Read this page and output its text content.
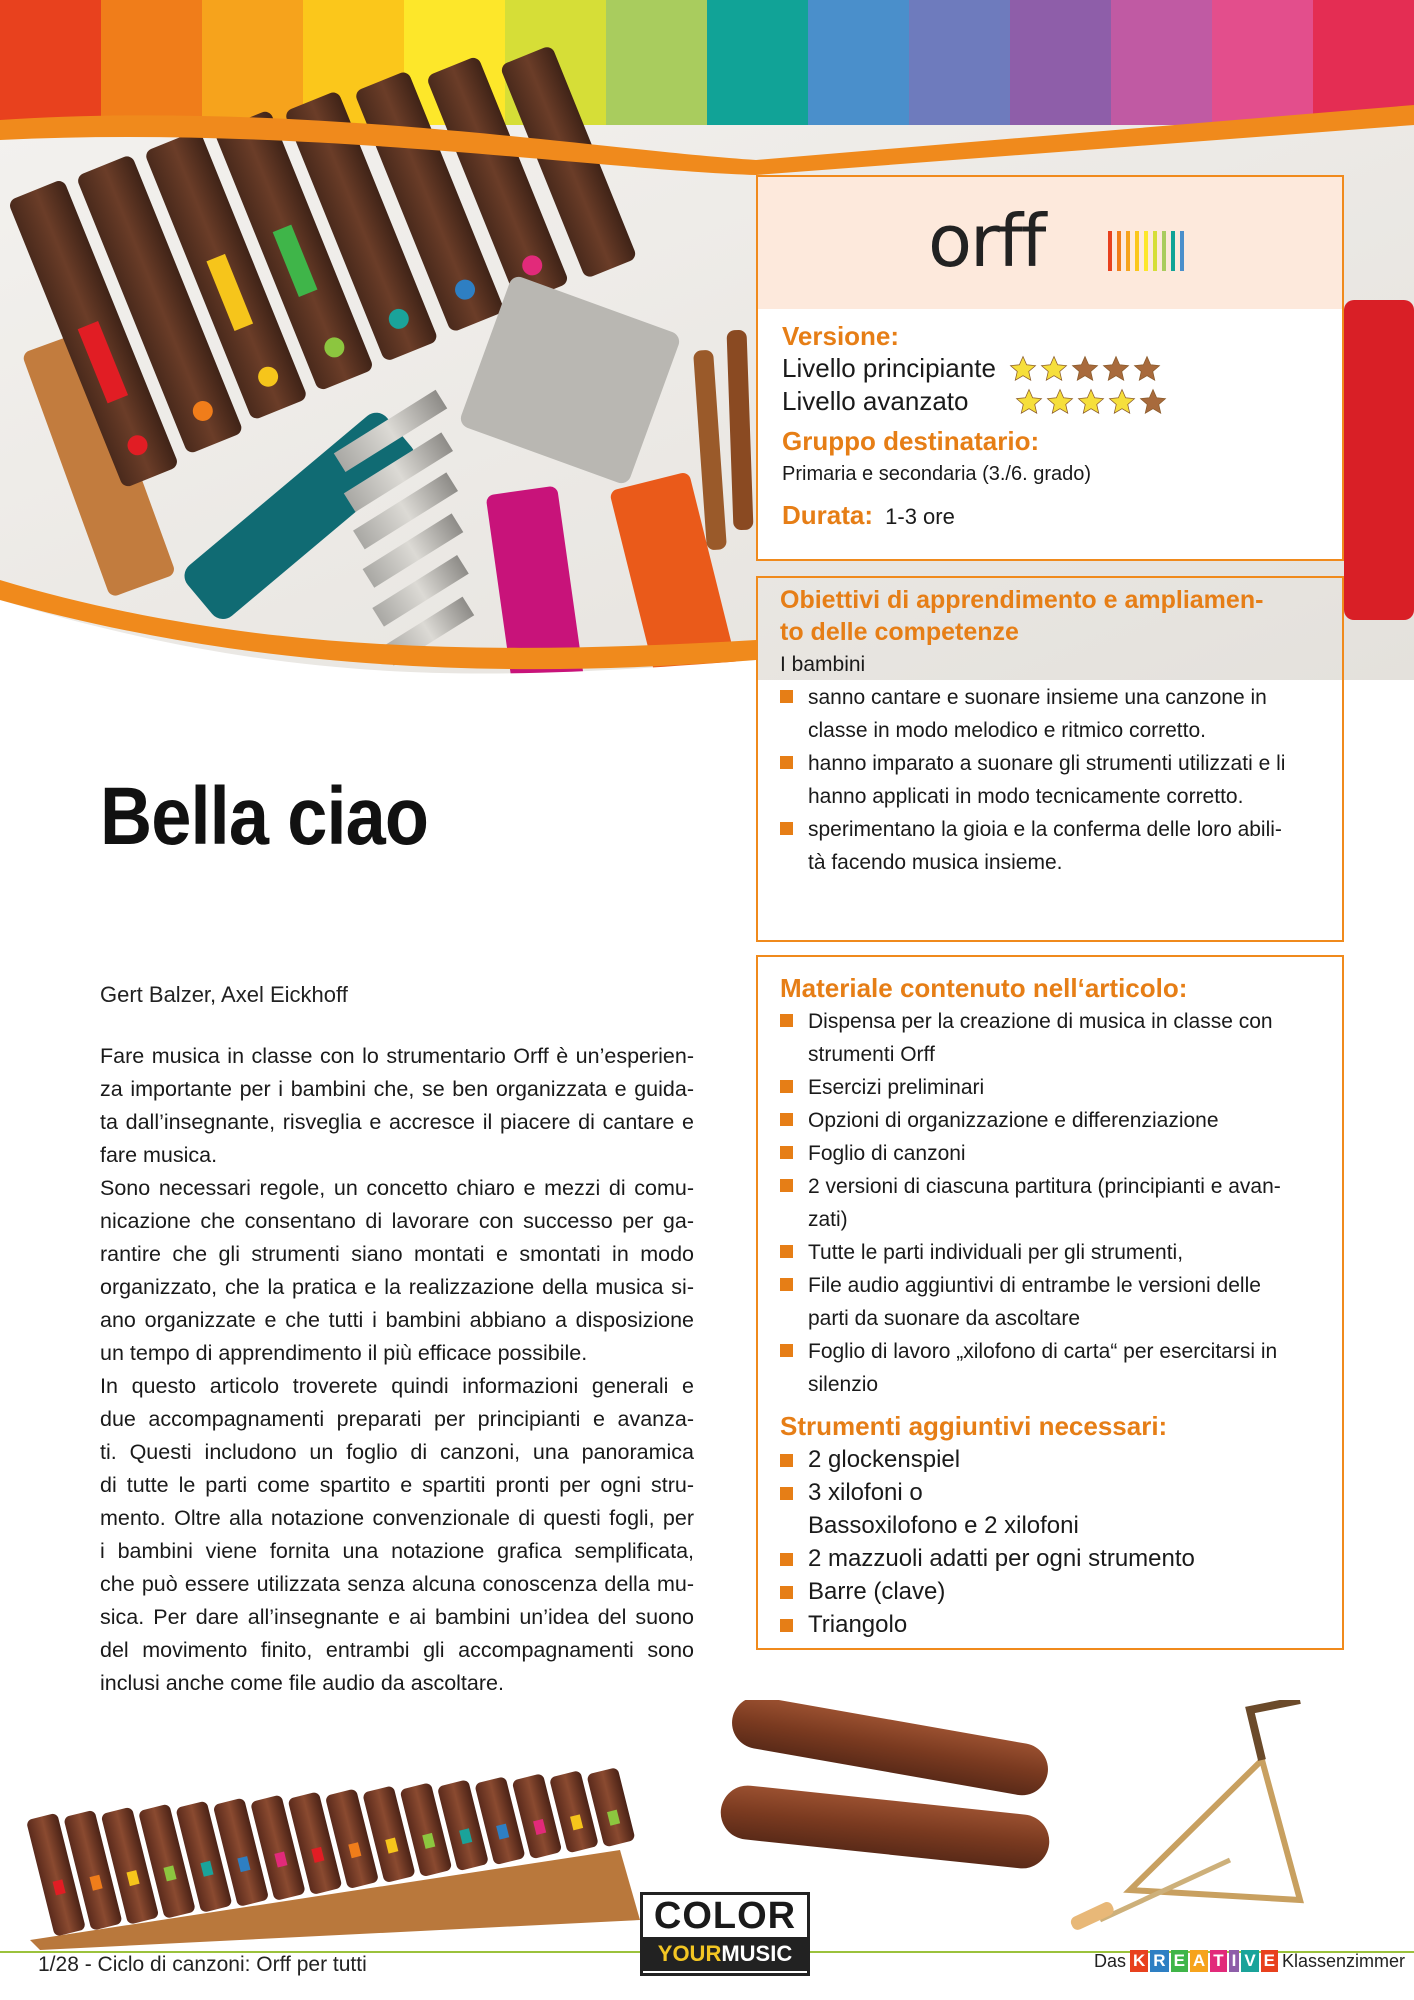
orff
Versione:
Livello principiante
Livello avanzato
Gruppo destinatario:
Primaria e secondaria (3./6. grado)
Durata: 1-3 ore
Obiettivi di apprendimento e ampliamen-
to delle competenze
I bambini
sanno cantare e suonare insieme una canzone in
classe in modo melodico e ritmico corretto.
hanno imparato a suonare gli strumenti utilizzati e li
hanno applicati in modo tecnicamente corretto.
sperimentano la gioia e la conferma delle loro abili-
tà facendo musica insieme.
Materiale contenuto nell‘articolo:
Dispensa per la creazione di musica in classe con
strumenti Orff
Esercizi preliminari
Opzioni di organizzazione e differenziazione
Foglio di canzoni
2 versioni di ciascuna partitura (principianti e avan-
zati)
Tutte le parti individuali per gli strumenti,
File audio aggiuntivi di entrambe le versioni delle
parti da suonare da ascoltare
Foglio di lavoro „xilofono di carta“ per esercitarsi in
silenzio
Strumenti aggiuntivi necessari:
2 glockenspiel
3 xilofoni o
Bassoxilofono e 2 xilofoni
2 mazzuoli adatti per ogni strumento
Barre (clave)
Triangolo
Bella ciao
Gert Balzer, Axel Eickhoff

Fare musica in classe con lo strumentario Orff è un’esperien-

za importante per i bambini che, se ben organizzata e guida-

ta dall’insegnante, risveglia e accresce il piacere di cantare e

fare musica.

Sono necessari regole, un concetto chiaro e mezzi di comu-

nicazione che consentano di lavorare con successo per ga-

rantire che gli strumenti siano montati e smontati in modo

organizzato, che la pratica e la realizzazione della musica si-

ano organizzate e che tutti i bambini abbiano a disposizione

un tempo di apprendimento il più efficace possibile.

In questo articolo troverete quindi informazioni generali e

due accompagnamenti preparati per principianti e avanza-

ti. Questi includono un foglio di canzoni, una panoramica

di tutte le parti come spartito e spartiti pronti per ogni stru-

mento. Oltre alla notazione convenzionale di questi fogli, per

i bambini viene fornita una notazione grafica semplificata,

che può essere utilizzata senza alcuna conoscenza della mu-

sica. Per dare all’insegnante e ai bambini un’idea del suono

del movimento finito, entrambi gli accompagnamenti sono

inclusi anche come file audio da ascoltare.

1/28 - Ciclo di canzoni: Orff per tutti
COLOR
YOURMUSIC	Das K R E A T I V E Klassenzimmer
